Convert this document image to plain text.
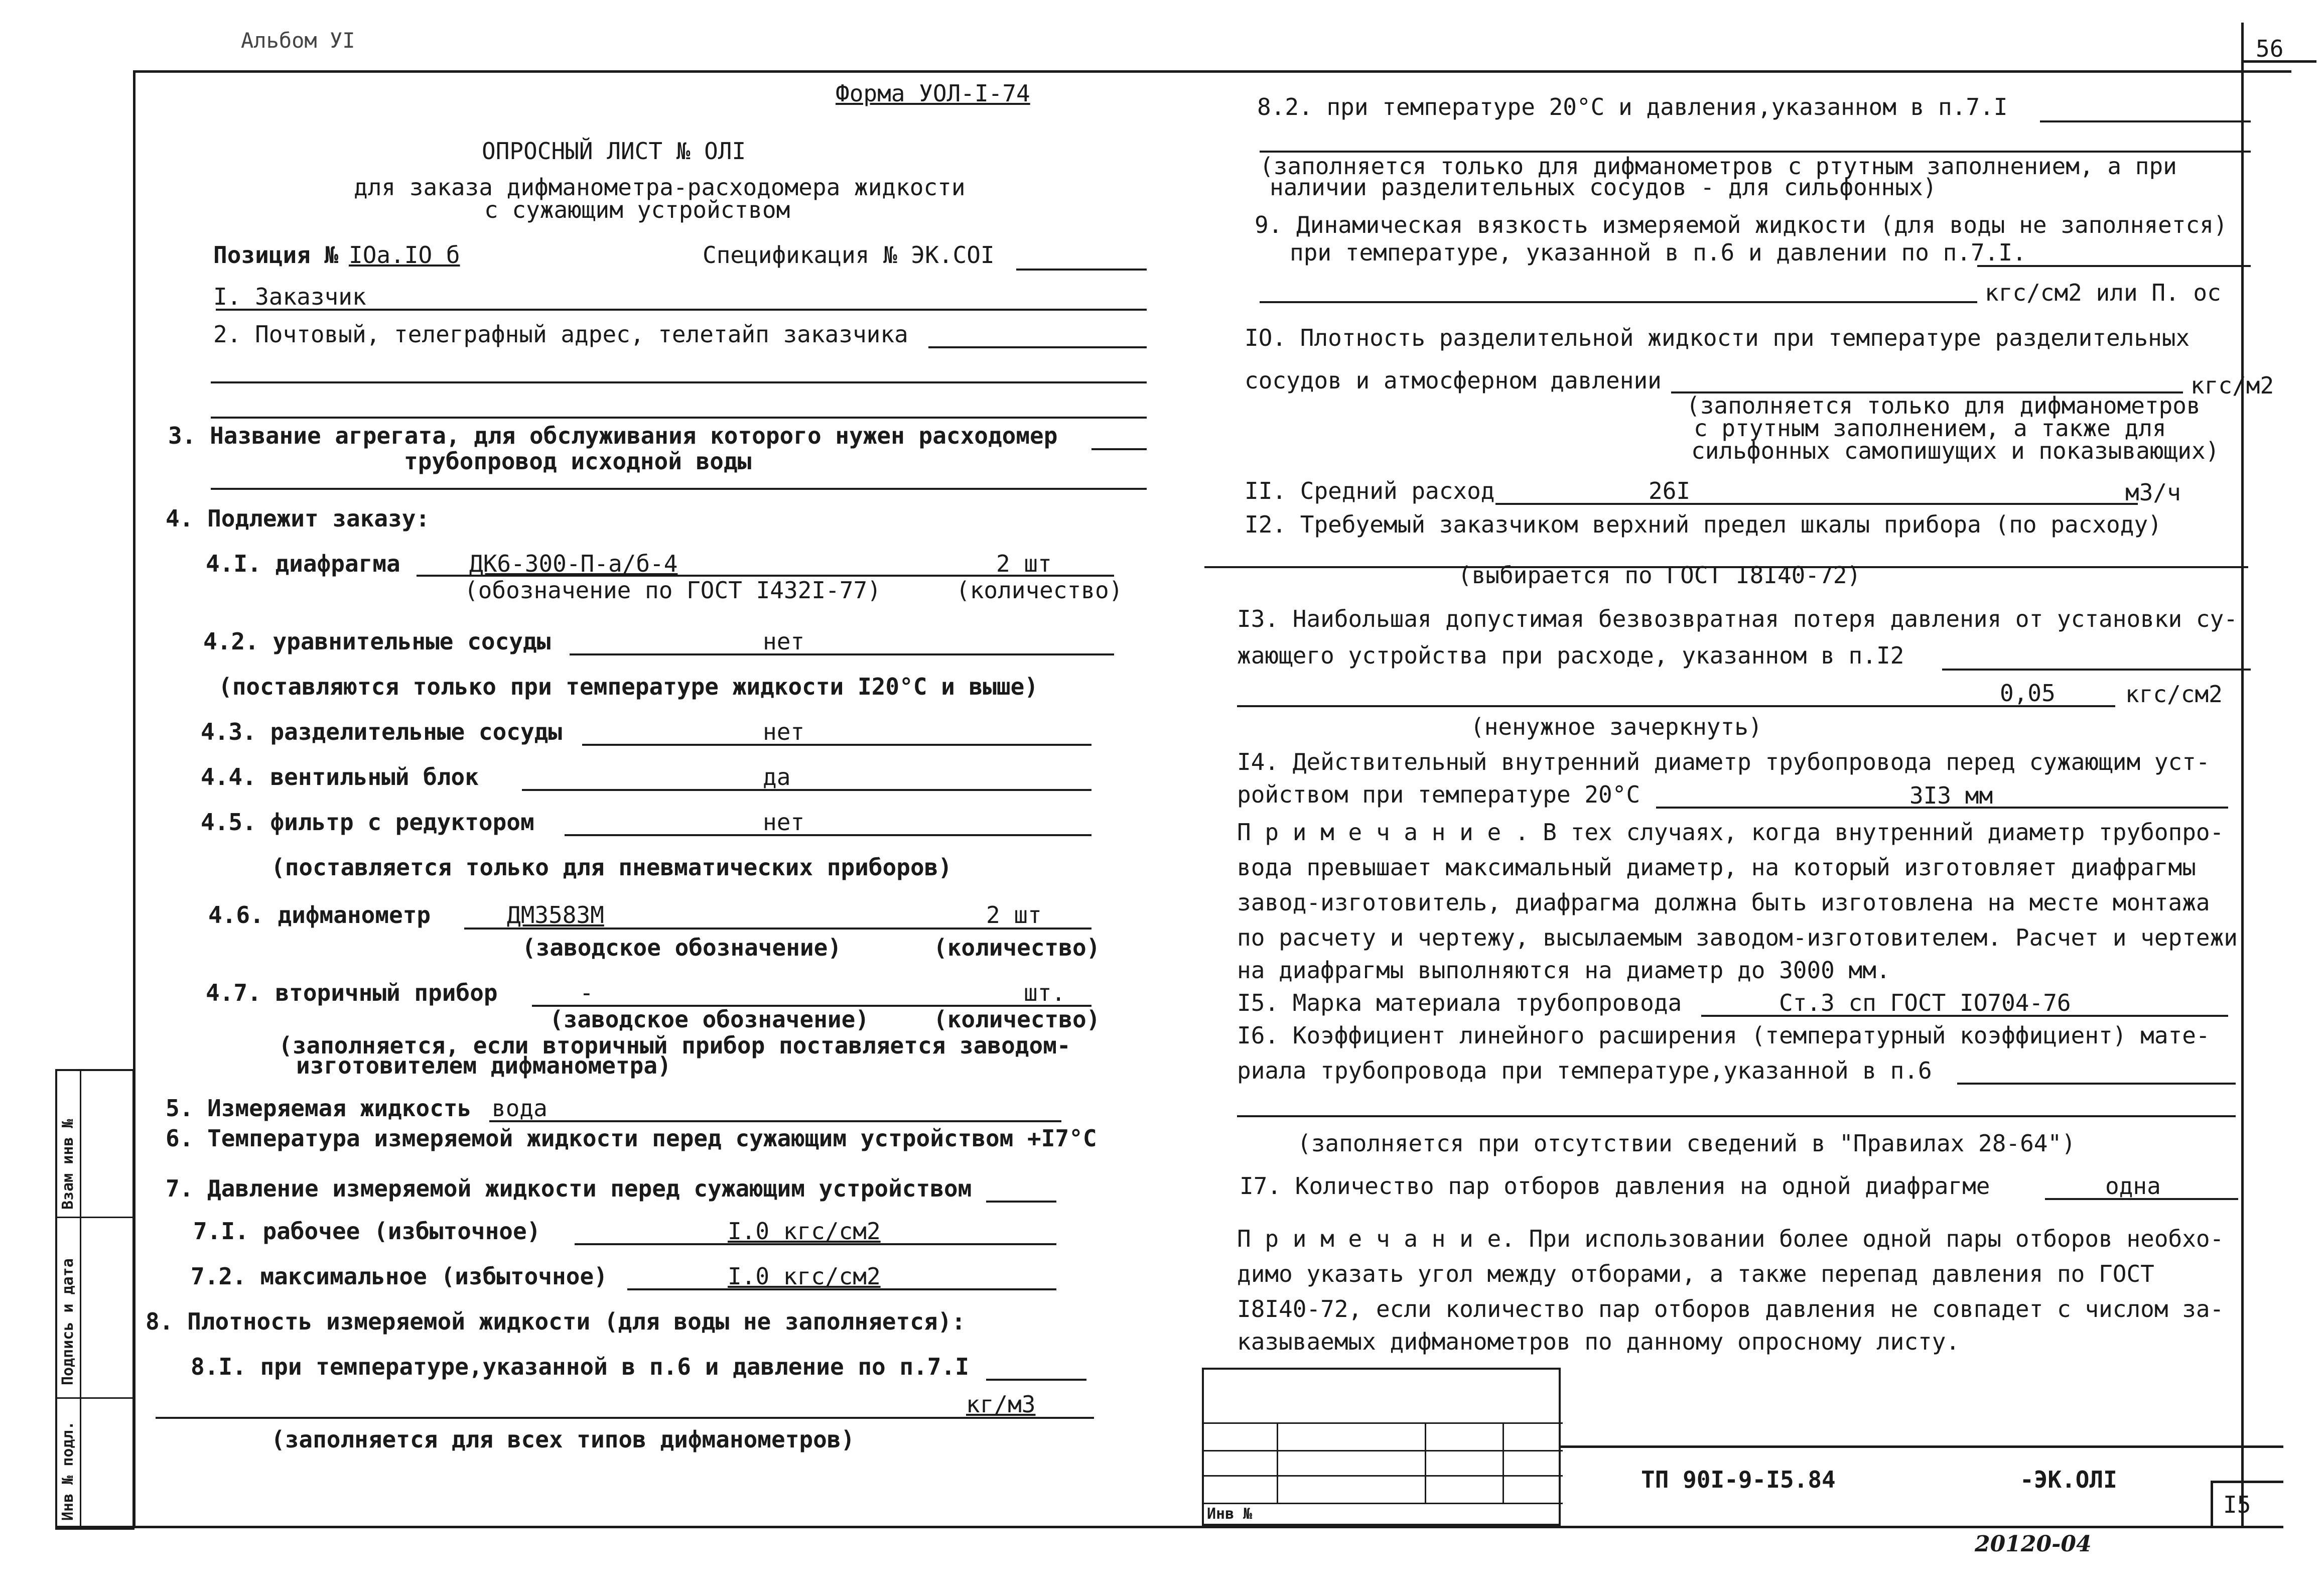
Альбом УI	56
Инв № подл.
Подпись и дата
Взам инв №
Форма УОЛ-I-74
ОПРОСНЫЙ ЛИСТ № ОЛI
для заказа дифманометра-расходомера жидкости
с сужающим устройством
Позиция № IOa.IO б	Спецификация № ЭК.СОI
I. Заказчик
2. Почтовый, телеграфный адрес, телетайп заказчика
3. Название агрегата, для обслуживания которого нужен расходомер
трубопровод исходной воды
4. Подлежит заказу:
4.I. диафрагма	ДК6-300-П-а/б-4	2 шт
(обозначение по ГОСТ I432I-77)	(количество)
4.2. уравнительные сосуды	нет
(поставляются только при температуре жидкости I20°С и выше)
4.3. разделительные сосуды	нет
4.4. вентильный блок	да
4.5. фильтр с редуктором	нет
(поставляется только для пневматических приборов)
4.6. дифманометр	ДМ3583М	2 шт
(заводское обозначение)	(количество)
4.7. вторичный прибор	-	шт.
(заводское обозначение)	(количество)
(заполняется, если вторичный прибор поставляется заводом-
изготовителем дифманометра)
5. Измеряемая жидкость вода
6. Температура измеряемой жидкости перед сужающим устройством +I7°С
7. Давление измеряемой жидкости перед сужающим устройством
7.I. рабочее (избыточное)	I.0 кгс/см2
7.2. максимальное (избыточное)	I.0 кгс/см2
8. Плотность измеряемой жидкости (для воды не заполняется):
8.I. при температуре,указанной в п.6 и давление по п.7.I
кг/м3
(заполняется для всех типов дифманометров)
8.2. при температуре 20°С и давления,указанном в п.7.I
(заполняется только для дифманометров с ртутным заполнением, а при
наличии разделительных сосудов - для сильфонных)
9. Динамическая вязкость измеряемой жидкости (для воды не заполняется)
при температуре, указанной в п.6 и давлении по п.7.I.
кгс/см2 или П. ос
IO. Плотность разделительной жидкости при температуре разделительных
сосудов и атмосферном давлении	кгс/м2
(заполняется только для дифманометров
с ртутным заполнением, а также для
сильфонных самопишущих и показывающих)
II. Средний расход	26I	м3/ч
I2. Требуемый заказчиком верхний предел шкалы прибора (по расходу)
(выбирается по ГОСТ I8I40-72)
I3. Наибольшая допустимая безвозвратная потеря давления от установки су-
жающего устройства при расходе, указанном в п.I2
0,05	кгс/см2
(ненужное зачеркнуть)
I4. Действительный внутренний диаметр трубопровода перед сужающим уст-
ройством при температуре 20°С	3I3 мм
П р и м е ч а н и е . В тех случаях, когда внутренний диаметр трубопро-
вода превышает максимальный диаметр, на который изготовляет диафрагмы
завод-изготовитель, диафрагма должна быть изготовлена на месте монтажа
по расчету и чертежу, высылаемым заводом-изготовителем. Расчет и чертежи
на диафрагмы выполняются на диаметр до 3000 мм.
I5. Марка материала трубопровода	Ст.3 сп ГОСТ IO704-76
I6. Коэффициент линейного расширения (температурный коэффициент) мате-
риала трубопровода при температуре,указанной в п.6
(заполняется при отсутствии сведений в "Правилах 28-64")
I7. Количество пар отборов давления на одной диафрагме	одна
П р и м е ч а н и е. При использовании более одной пары отборов необхо-
димо указать угол между отборами, а также перепад давления по ГОСТ
I8I40-72, если количество пар отборов давления не совпадет с числом за-
казываемых дифманометров по данному опросному листу.
Инв №
ТП 90I-9-I5.84	-ЭК.ОЛI
I5
20120-04
